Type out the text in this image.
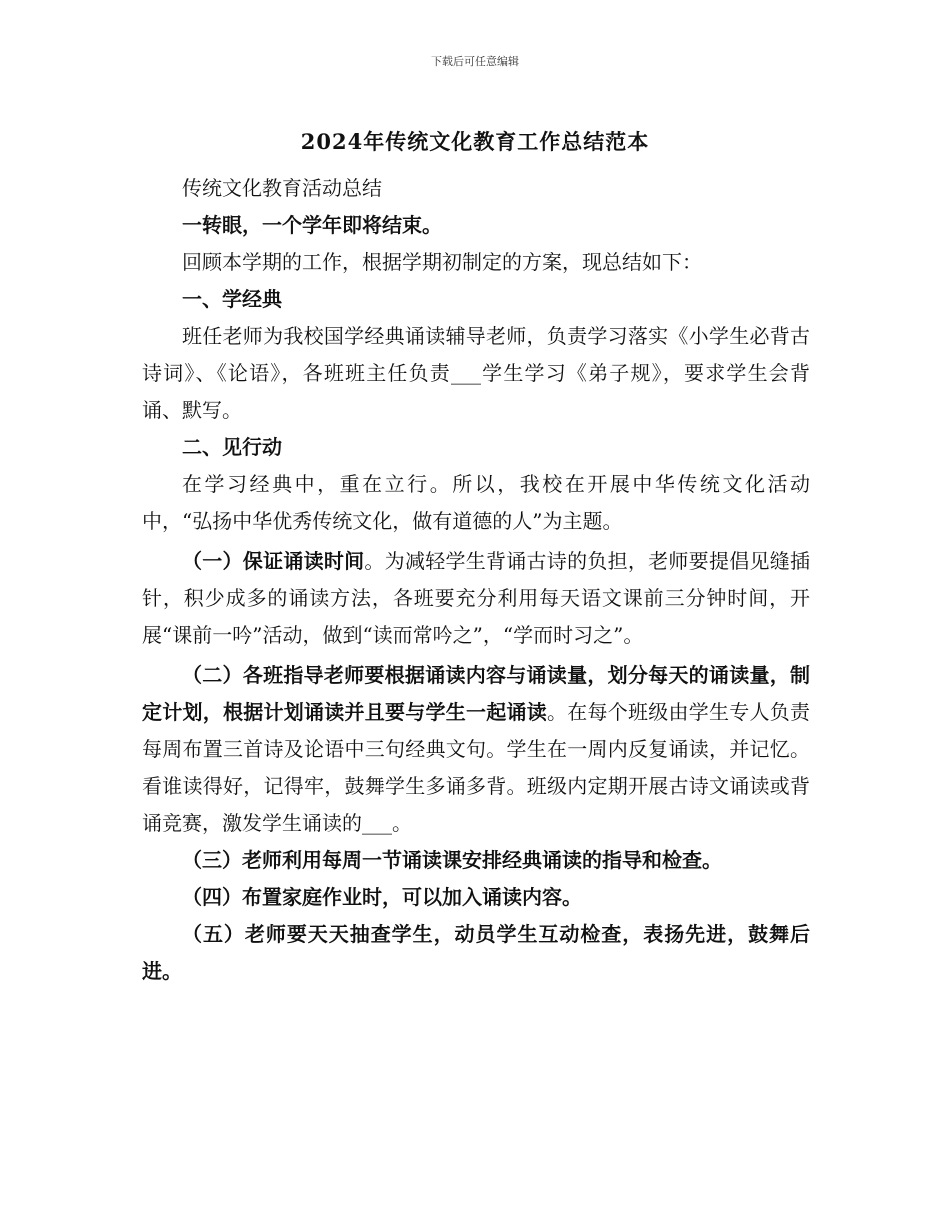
下载后可任意编辑
2024年传统文化教育工作总结范本

传统文化教育活动总结

一转眼，一个学年即将结束。

回顾本学期的工作，根据学期初制定的方案，现总结如下：

一、学经典

班任老师为我校国学经典诵读辅导老师，负责学习落实《小学生必背古诗词》、《论语》，各班班主任负责___学生学习《弟子规》，要求学生会背诵、默写。

二、见行动

在学习经典中，重在立行。所以，我校在开展中华传统文化活动中，“弘扬中华优秀传统文化，做有道德的人”为主题。

（一）保证诵读时间。为减轻学生背诵古诗的负担，老师要提倡见缝插针，积少成多的诵读方法，各班要充分利用每天语文课前三分钟时间，开展“课前一吟”活动，做到“读而常吟之”，“学而时习之”。

（二）各班指导老师要根据诵读内容与诵读量，划分每天的诵读量，制定计划，根据计划诵读并且要与学生一起诵读。在每个班级由学生专人负责每周布置三首诗及论语中三句经典文句。学生在一周内反复诵读，并记忆。看谁读得好，记得牢，鼓舞学生多诵多背。班级内定期开展古诗文诵读或背诵竞赛，激发学生诵读的___。

（三）老师利用每周一节诵读课安排经典诵读的指导和检查。

（四）布置家庭作业时，可以加入诵读内容。

（五）老师要天天抽查学生，动员学生互动检查，表扬先进，鼓舞后进。
